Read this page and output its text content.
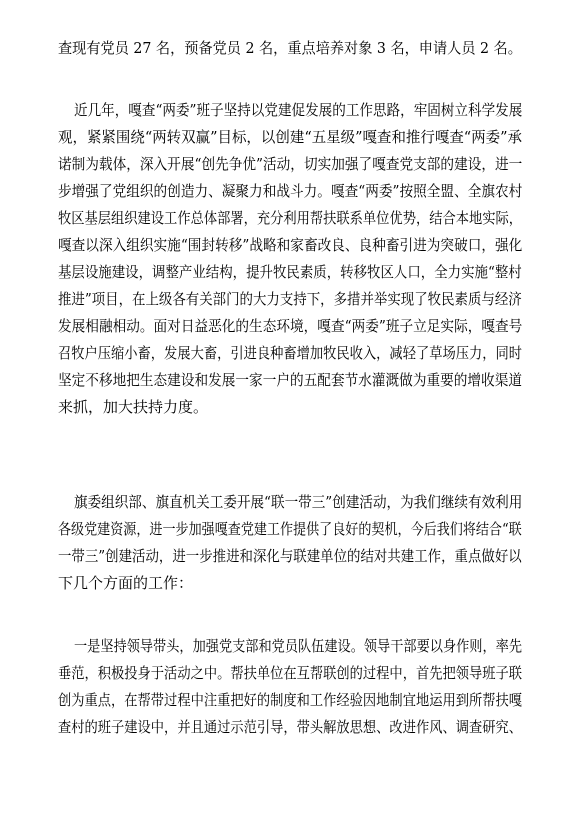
查现有党员 27 名，预备党员 2 名，重点培养对象 3 名，申请人员 2 名。
近几年，嘎查“两委”班子坚持以党建促发展的工作思路，牢固树立科学发展
观，紧紧围绕“两转双赢”目标，以创建“五星级”嘎查和推行嘎查“两委”承
诺制为载体，深入开展“创先争优”活动，切实加强了嘎查党支部的建设，进一
步增强了党组织的创造力、凝聚力和战斗力。嘎查“两委”按照全盟、全旗农村
牧区基层组织建设工作总体部署，充分利用帮扶联系单位优势，结合本地实际，
嘎查以深入组织实施“围封转移”战略和家畜改良、良种畜引进为突破口，强化
基层设施建设，调整产业结构，提升牧民素质，转移牧区人口，全力实施“整村
推进”项目，在上级各有关部门的大力支持下，多措并举实现了牧民素质与经济
发展相融相动。面对日益恶化的生态环境，嘎查“两委”班子立足实际，嘎查号
召牧户压缩小畜，发展大畜，引进良种畜增加牧民收入，减轻了草场压力，同时
坚定不移地把生态建设和发展一家一户的五配套节水灌溉做为重要的增收渠道
来抓，加大扶持力度。
旗委组织部、旗直机关工委开展“联一带三”创建活动，为我们继续有效利用
各级党建资源，进一步加强嘎查党建工作提供了良好的契机，今后我们将结合“联
一带三”创建活动，进一步推进和深化与联建单位的结对共建工作，重点做好以
下几个方面的工作：
一是坚持领导带头，加强党支部和党员队伍建设。领导干部要以身作则，率先
垂范，积极投身于活动之中。帮扶单位在互帮联创的过程中，首先把领导班子联
创为重点，在帮带过程中注重把好的制度和工作经验因地制宜地运用到所帮扶嘎
查村的班子建设中，并且通过示范引导，带头解放思想、改进作风、调查研究、
